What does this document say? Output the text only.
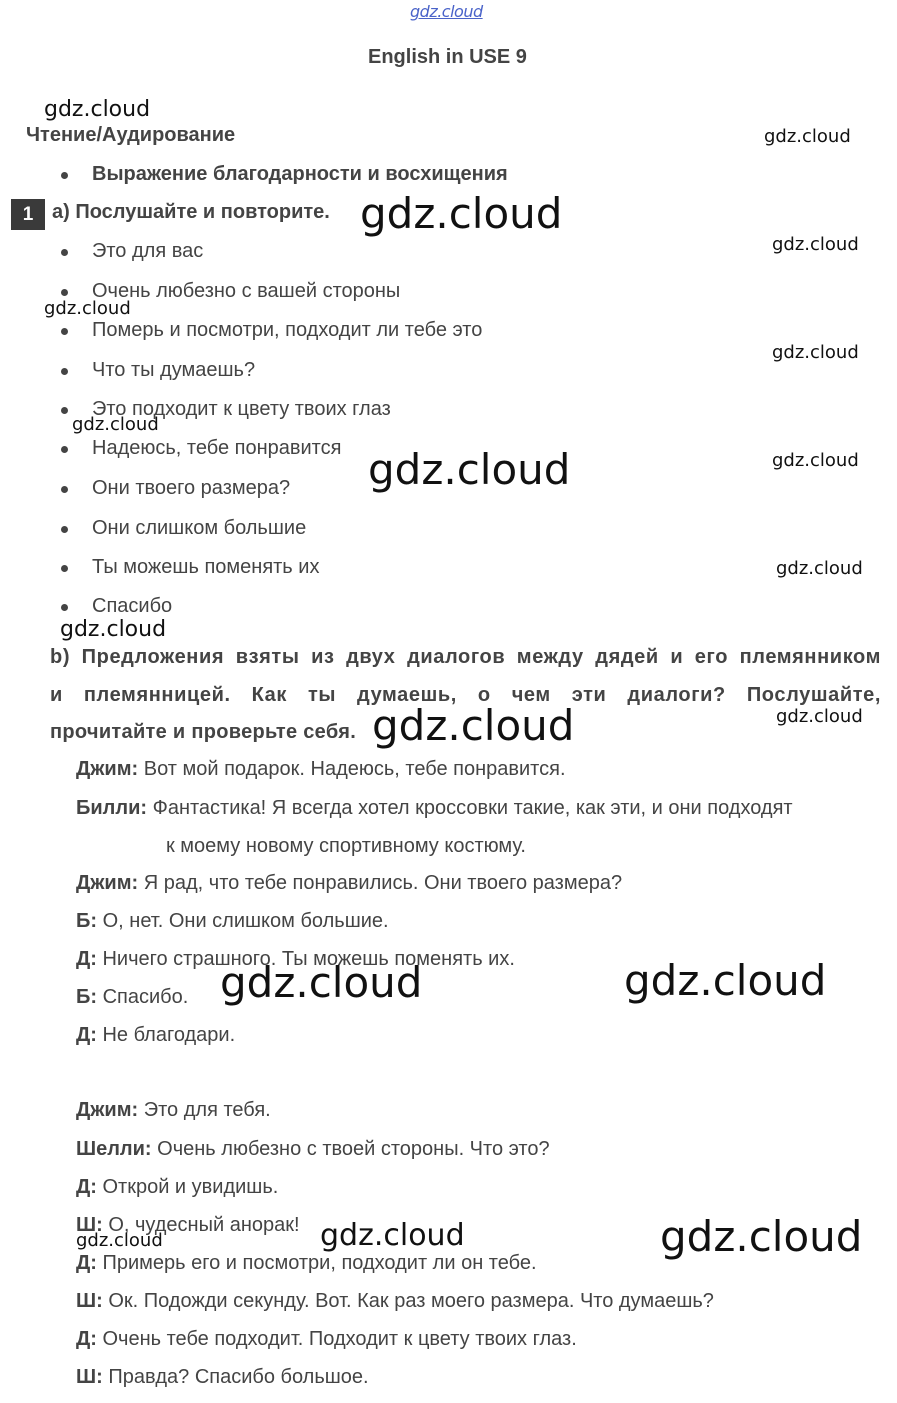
gdz.cloud
English in USE 9
Чтение/Аудирование
Выражение благодарности и восхищения
1 a) Послушайте и повторите.
Это для вас
Очень любезно с вашей стороны
Померь и посмотри, подходит ли тебе это
Что ты думаешь?
Это подходит к цвету твоих глаз
Надеюсь, тебе понравится
Они твоего размера?
Они слишком большие
Ты можешь поменять их
Спасибо
b) Предложения взяты из двух диалогов между дядей и его племянником
и племянницей. Как ты думаешь, о чем эти диалоги? Послушайте,
прочитайте и проверьте себя.
Джим: Вот мой подарок. Надеюсь, тебе понравится.
Билли: Фантастика! Я всегда хотел кроссовки такие, как эти, и они подходят
к моему новому спортивному костюму.
Джим: Я рад, что тебе понравились. Они твоего размера?
Б: О, нет. Они слишком большие.
Д: Ничего страшного. Ты можешь поменять их.
Б: Спасибо.
Д: Не благодари.
Джим: Это для тебя.
Шелли: Очень любезно с твоей стороны. Что это?
Д: Открой и увидишь.
Ш: О, чудесный анорак!
Д: Примерь его и посмотри, подходит ли он тебе.
Ш: Ок. Подожди секунду. Вот. Как раз моего размера. Что думаешь?
Д: Очень тебе подходит. Подходит к цвету твоих глаз.
Ш: Правда? Спасибо большое.
gdz.cloud
gdz.cloud
gdz.cloud
gdz.cloud
gdz.cloud
gdz.cloud
gdz.cloud
gdz.cloud
gdz.cloud
gdz.cloud
gdz.cloud
gdz.cloud
gdz.cloud
gdz.cloud	gdz.cloud
gdz.cloud	gdz.cloud	gdz.cloud
